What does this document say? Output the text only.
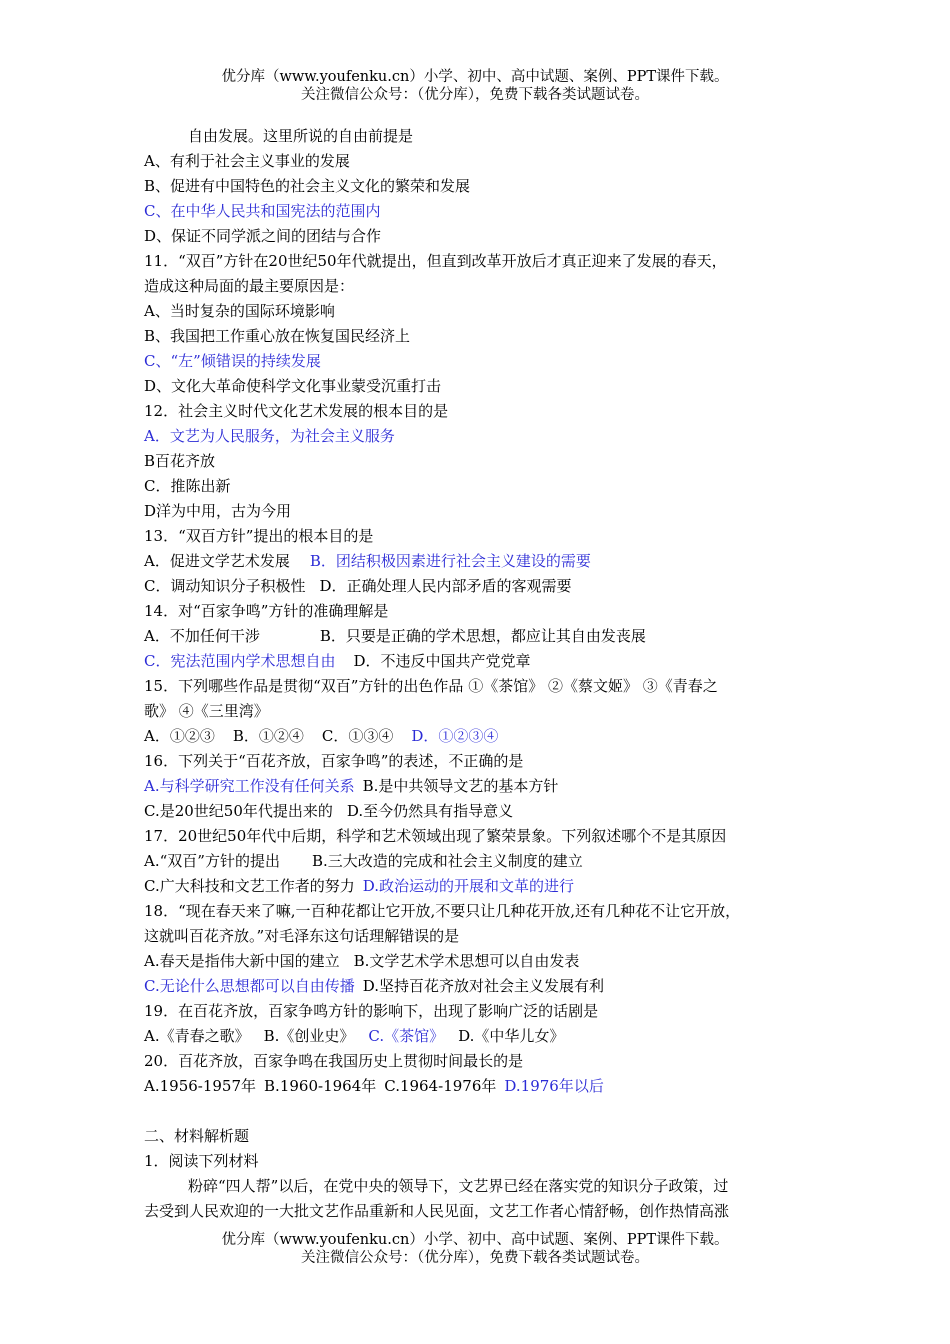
优分库（www.youfenku.cn）小学、初中、高中试题、案例、PPT课件下载。
关注微信公众号：（优分库），免费下载各类试题试卷。
自由发展。这里所说的自由前提是
A、有利于社会主义事业的发展
B、促进有中国特色的社会主义文化的繁荣和发展
C、在中华人民共和国宪法的范围内
D、保证不同学派之间的团结与合作
11．“双百”方针在20世纪50年代就提出，但直到改革开放后才真正迎来了发展的春天，
造成这种局面的最主要原因是：
A、当时复杂的国际环境影响
B、我国把工作重心放在恢复国民经济上
C、“左”倾错误的持续发展
D、文化大革命使科学文化事业蒙受沉重打击
12．社会主义时代文化艺术发展的根本目的是
A．文艺为人民服务，为社会主义服务
B百花齐放
C．推陈出新
D洋为中用，古为今用
13．“双百方针”提出的根本目的是
A．促进文学艺术发展 B．团结积极因素进行社会主义建设的需要
C．调动知识分子积极性 D．正确处理人民内部矛盾的客观需要
14．对“百家争鸣”方针的准确理解是
A．不加任何干涉	B．只要是正确的学术思想，都应让其自由发丧展
C．宪法范围内学术思想自由 D．不违反中国共产党党章
15．下列哪些作品是贯彻“双百”方针的出色作品 ①《茶馆》 ②《蔡文姬》 ③《青春之
歌》 ④《三里湾》
A．①②③ B．①②④ C．①③④ D．①②③④
16．下列关于“百花齐放，百家争鸣”的表述，不正确的是
A.与科学研究工作没有任何关系 B.是中共领导文艺的基本方针
C.是20世纪50年代提出来的 D.至今仍然具有指导意义
17．20世纪50年代中后期，科学和艺术领域出现了繁荣景象。下列叙述哪个不是其原因
A.“双百”方针的提出 B.三大改造的完成和社会主义制度的建立
C.广大科技和文艺工作者的努力 D.政治运动的开展和文革的进行
18．“现在春天来了嘛,一百种花都让它开放,不要只让几种花开放,还有几种花不让它开放，
这就叫百花齐放。”对毛泽东这句话理解错误的是
A.春天是指伟大新中国的建立 B.文学艺术学术思想可以自由发表
C.无论什么思想都可以自由传播 D.坚持百花齐放对社会主义发展有利
19．在百花齐放，百家争鸣方针的影响下，出现了影响广泛的话剧是
A.《青春之歌》 B.《创业史》 C.《茶馆》 D.《中华儿女》
20．百花齐放，百家争鸣在我国历史上贯彻时间最长的是
A.1956-1957年 B.1960-1964年 C.1964-1976年 D.1976年以后
二、材料解析题
1．阅读下列材料
粉碎“四人帮”以后，在党中央的领导下，文艺界已经在落实党的知识分子政策，过
去受到人民欢迎的一大批文艺作品重新和人民见面，文艺工作者心情舒畅，创作热情高涨
优分库（www.youfenku.cn）小学、初中、高中试题、案例、PPT课件下载。
关注微信公众号：（优分库），免费下载各类试题试卷。
